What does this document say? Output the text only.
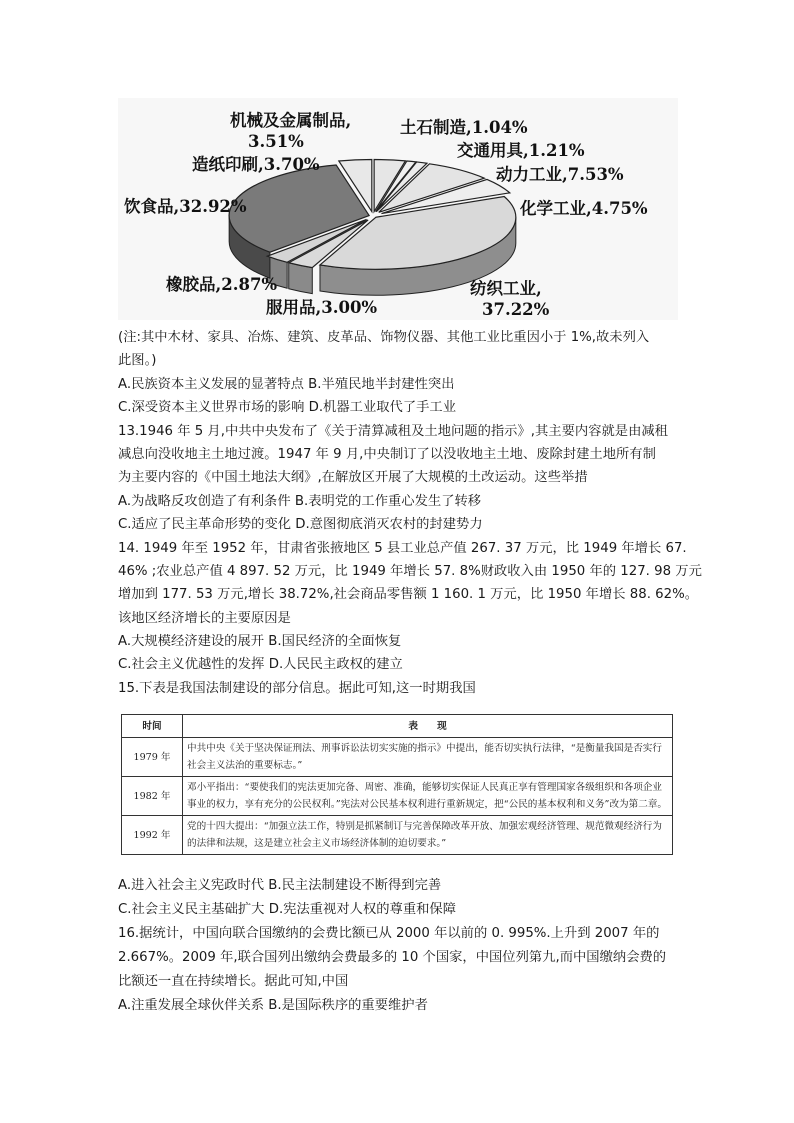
机械及金属制品,
3.51%
土石制造,1.04%
交通用具,1.21%
动力工业,7.53%
化学工业,4.75%
纺织工业,
37.22%
服用品,3.00%
橡胶品,2.87%
饮食品,32.92%
造纸印刷,3.70%
(注:其中木材、家具、冶炼、建筑、皮革品、饰物仪器、其他工业比重因小于 1%,故未列入
此图。)
A.民族资本主义发展的显著特点 B.半殖民地半封建性突出
C.深受资本主义世界市场的影响 D.机器工业取代了手工业
13.1946 年 5 月,中共中央发布了《关于清算减租及土地问题的指示》,其主要内容就是由减租
减息向没收地主土地过渡。1947 年 9 月,中央制订了以没收地主土地、废除封建土地所有制
为主要内容的《中国土地法大纲》,在解放区开展了大规模的土改运动。这些举措
A.为战略反攻创造了有利条件 B.表明党的工作重心发生了转移
C.适应了民主革命形势的变化 D.意图彻底消灭农村的封建势力
14. 1949 年至 1952 年，甘肃省张掖地区 5 县工业总产值 267. 37 万元，比 1949 年增长 67.
46% ;农业总产值 4 897. 52 万元，比 1949 年增长 57. 8%财政收入由 1950 年的 127. 98 万元
增加到 177. 53 万元,增长 38.72%,社会商品零售额 1 160. 1 万元，比 1950 年增长 88. 62%。
该地区经济增长的主要原因是
A.大规模经济建设的展开 B.国民经济的全面恢复
C.社会主义优越性的发挥 D.人民民主政权的建立
15.下表是我国法制建设的部分信息。据此可知,这一时期我国
时间	表　　现
1979 年	中共中央《关于坚决保证刑法、刑事诉讼法切实实施的指示》中提出，能否切实执行法律，“是衡量我国是否实行社会主义法治的重要标志。”
1982 年	邓小平指出：“要使我们的宪法更加完备、周密、准确，能够切实保证人民真正享有管理国家各级组织和各项企业事业的权力，享有充分的公民权利。”宪法对公民基本权利进行重新规定，把“公民的基本权利和义务”改为第二章。
1992 年	党的十四大提出：“加强立法工作，特别是抓紧制订与完善保障改革开放、加强宏观经济管理、规范微观经济行为的法律和法规，这是建立社会主义市场经济体制的迫切要求。”
A.进入社会主义宪政时代 B.民主法制建设不断得到完善
C.社会主义民主基础扩大 D.宪法重视对人权的尊重和保障
16.据统计，中国向联合国缴纳的会费比额已从 2000 年以前的 0. 995%.上升到 2007 年的
2.667%。2009 年,联合国列出缴纳会费最多的 10 个国家，中国位列第九,而中国缴纳会费的
比额还一直在持续增长。据此可知,中国
A.注重发展全球伙伴关系 B.是国际秩序的重要维护者
